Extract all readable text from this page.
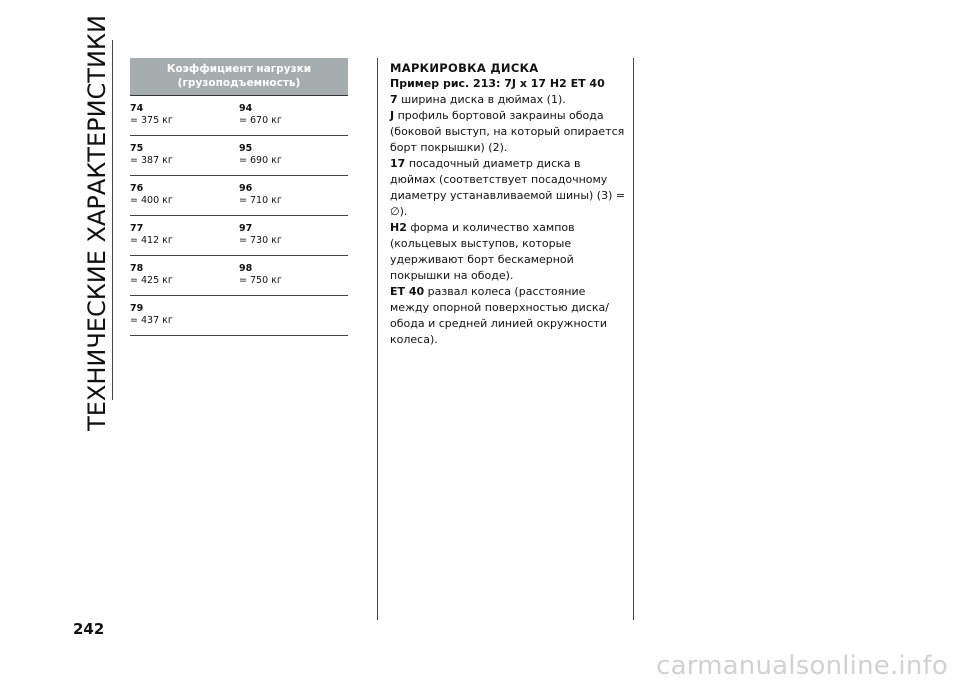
ТЕХНИЧЕСКИЕ ХАРАКТЕРИСТИКИ	Коэффициент нагрузки
(грузоподъемность)
74
= 375 кг
94
= 670 кг
75
= 387 кг
95
= 690 кг
76
= 400 кг
96
= 710 кг
77
= 412 кг
97
= 730 кг
78
= 425 кг
98
= 750 кг
79
= 437 кг
МАРКИРОВКА ДИСКА

Пример рис. 213: 7J x 17 H2 ET 40

7 ширина диска в дюймах (1).

J профиль бортовой закраины обода (боковой выступ, на который опирается борт покрышки) (2).

17 посадочный диаметр диска в дюймах (соответствует посадочному диаметру устанавливаемой шины) (3) = ∅).

H2 форма и количество хампов (кольцевых выступов, которые удерживают борт бескамерной покрышки на ободе).

ET 40 развал колеса (расстояние между опорной поверхностью диска/обода и средней линией окружности колеса).

242
carmanualsonline.info
